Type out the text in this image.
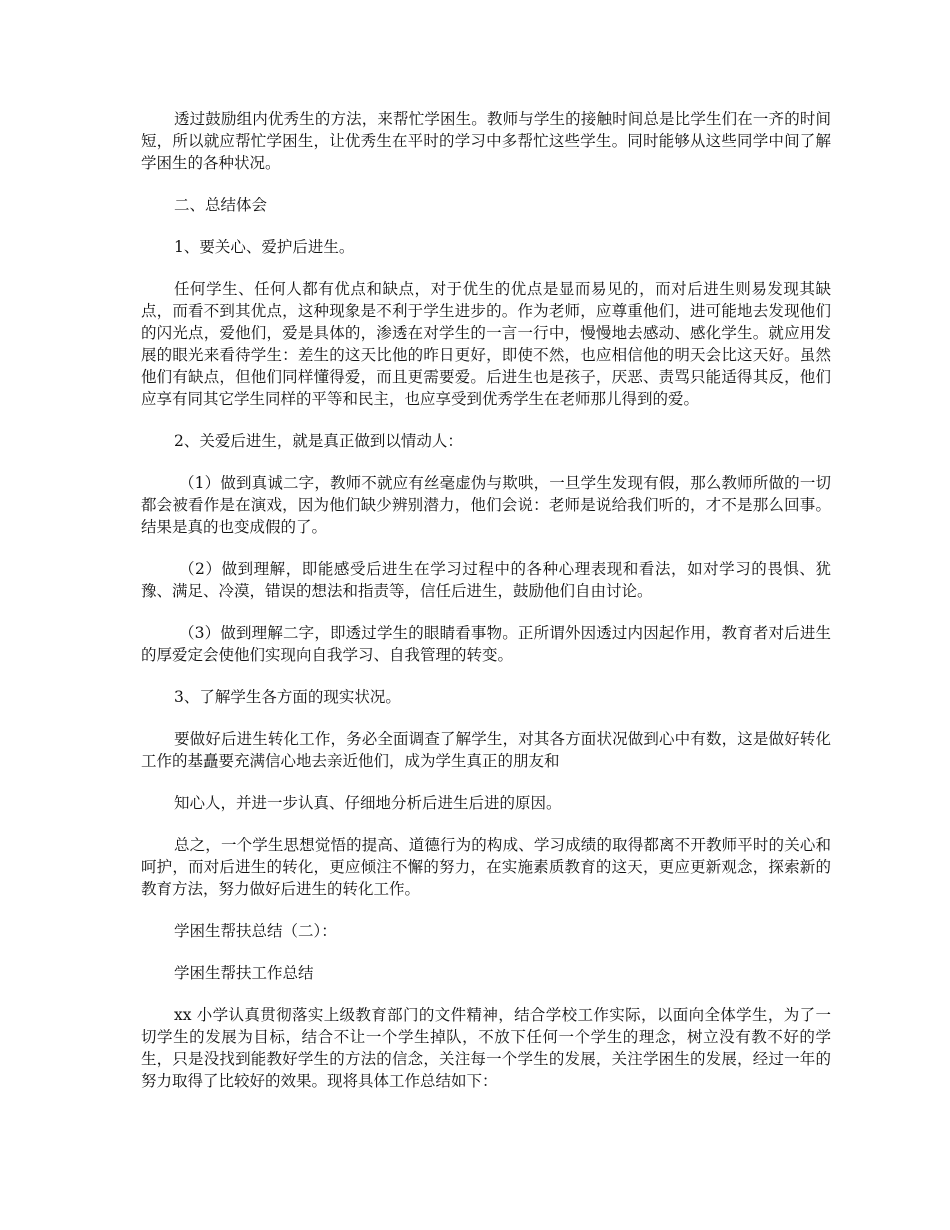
透过鼓励组内优秀生的方法，来帮忙学困生。教师与学生的接触时间总是比学生们在一齐的时间短，所以就应帮忙学困生，让优秀生在平时的学习中多帮忙这些学生。同时能够从这些同学中间了解学困生的各种状况。

二、总结体会

1、要关心、爱护后进生。

任何学生、任何人都有优点和缺点，对于优生的优点是显而易见的，而对后进生则易发现其缺点，而看不到其优点，这种现象是不利于学生进步的。作为老师，应尊重他们，进可能地去发现他们的闪光点，爱他们，爱是具体的，渗透在对学生的一言一行中，慢慢地去感动、感化学生。就应用发展的眼光来看待学生：差生的这天比他的昨日更好，即使不然，也应相信他的明天会比这天好。虽然他们有缺点，但他们同样懂得爱，而且更需要爱。后进生也是孩子，厌恶、责骂只能适得其反，他们应享有同其它学生同样的平等和民主，也应享受到优秀学生在老师那儿得到的爱。

2、关爱后进生，就是真正做到以情动人：

（1）做到真诚二字，教师不就应有丝毫虚伪与欺哄，一旦学生发现有假，那么教师所做的一切都会被看作是在演戏，因为他们缺少辨别潜力，他们会说：老师是说给我们听的，才不是那么回事。结果是真的也变成假的了。

（2）做到理解，即能感受后进生在学习过程中的各种心理表现和看法，如对学习的畏惧、犹豫、满足、冷漠，错误的想法和指责等，信任后进生，鼓励他们自由讨论。

（3）做到理解二字，即透过学生的眼睛看事物。正所谓外因透过内因起作用，教育者对后进生的厚爱定会使他们实现向自我学习、自我管理的转变。

3、了解学生各方面的现实状况。

要做好后进生转化工作，务必全面调查了解学生，对其各方面状况做到心中有数，这是做好转化工作的基矗要充满信心地去亲近他们，成为学生真正的朋友和

知心人，并进一步认真、仔细地分析后进生后进的原因。

总之，一个学生思想觉悟的提高、道德行为的构成、学习成绩的取得都离不开教师平时的关心和呵护，而对后进生的转化，更应倾注不懈的努力，在实施素质教育的这天，更应更新观念，探索新的教育方法，努力做好后进生的转化工作。

学困生帮扶总结（二）：

学困生帮扶工作总结

xx 小学认真贯彻落实上级教育部门的文件精神，结合学校工作实际，以面向全体学生，为了一切学生的发展为目标，结合不让一个学生掉队，不放下任何一个学生的理念，树立没有教不好的学生，只是没找到能教好学生的方法的信念，关注每一个学生的发展，关注学困生的发展，经过一年的努力取得了比较好的效果。现将具体工作总结如下：
